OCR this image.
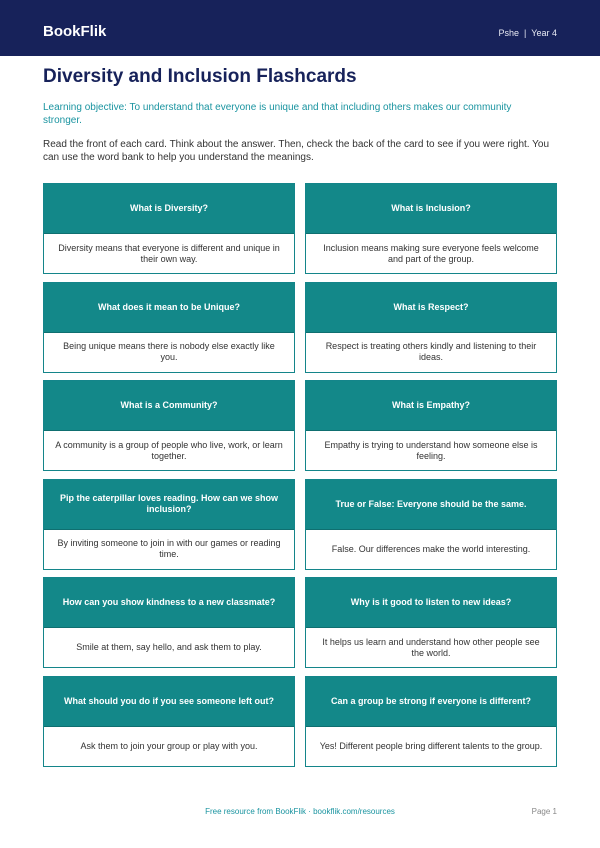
BookFlik	Pshe | Year 4
Diversity and Inclusion Flashcards

Learning objective: To understand that everyone is unique and that including others makes our community stronger.

Read the front of each card. Think about the answer. Then, check the back of the card to see if you were right. You can use the word bank to help you understand the meanings.

What is Diversity?
Diversity means that everyone is different and unique in their own way.
What is Inclusion?
Inclusion means making sure everyone feels welcome and part of the group.
What does it mean to be Unique?
Being unique means there is nobody else exactly like you.
What is Respect?
Respect is treating others kindly and listening to their ideas.
What is a Community?
A community is a group of people who live, work, or learn together.
What is Empathy?
Empathy is trying to understand how someone else is feeling.
Pip the caterpillar loves reading. How can we show inclusion?
By inviting someone to join in with our games or reading time.
True or False: Everyone should be the same.
False. Our differences make the world interesting.
How can you show kindness to a new classmate?
Smile at them, say hello, and ask them to play.
Why is it good to listen to new ideas?
It helps us learn and understand how other people see the world.
What should you do if you see someone left out?
Ask them to join your group or play with you.
Can a group be strong if everyone is different?
Yes! Different people bring different talents to the group.
Free resource from BookFlik · bookflik.com/resources	Page 1
